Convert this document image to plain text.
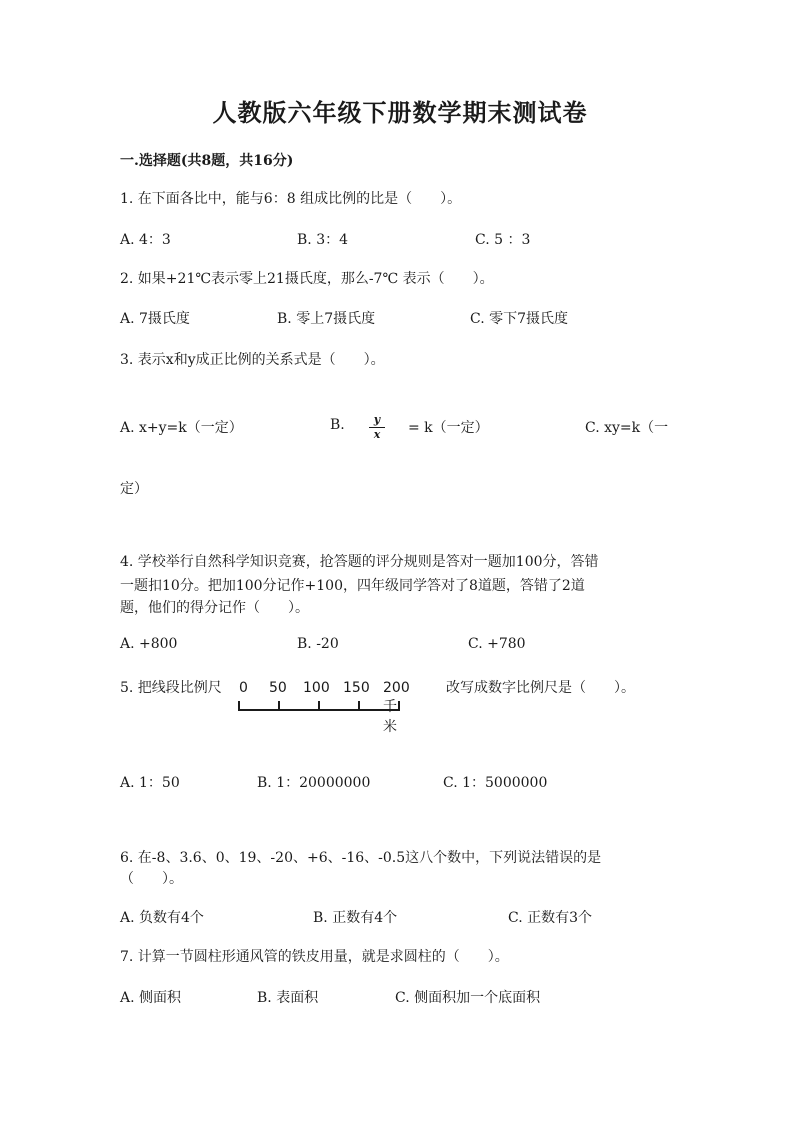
人教版六年级下册数学期末测试卷
一.选择题(共8题，共16分)
1. 在下面各比中，能与6：8 组成比例的比是（　　）。
A. 4：3	B. 3：4	C. 5 ：3
2. 如果+21℃表示零上21摄氏度，那么-7℃ 表示（　　）。
A. 7摄氏度	B. 零上7摄氏度	C. 零下7摄氏度
3. 表示x和y成正比例的关系式是（　　）。
A. x+y=k（一定）	B.	y
x	= k（一定）	C. xy=k（一
定）
4. 学校举行自然科学知识竞赛，抢答题的评分规则是答对一题加100分，答错
一题扣10分。把加100分记作+100，四年级同学答对了8道题，答错了2道
题，他们的得分记作（　　）。
A. +800	B. -20	C. +780
5. 把线段比例尺 0 50 100 150 200千米
改写成数字比例尺是（　　）。
A. 1：50	B. 1：20000000	C. 1：5000000
6. 在-8、3.6、0、19、-20、+6、-16、-0.5这八个数中，下列说法错误的是
（　　）。
A. 负数有4个	B. 正数有4个	C. 正数有3个
7. 计算一节圆柱形通风管的铁皮用量，就是求圆柱的（　　）。
A. 侧面积	B. 表面积	C. 侧面积加一个底面积
